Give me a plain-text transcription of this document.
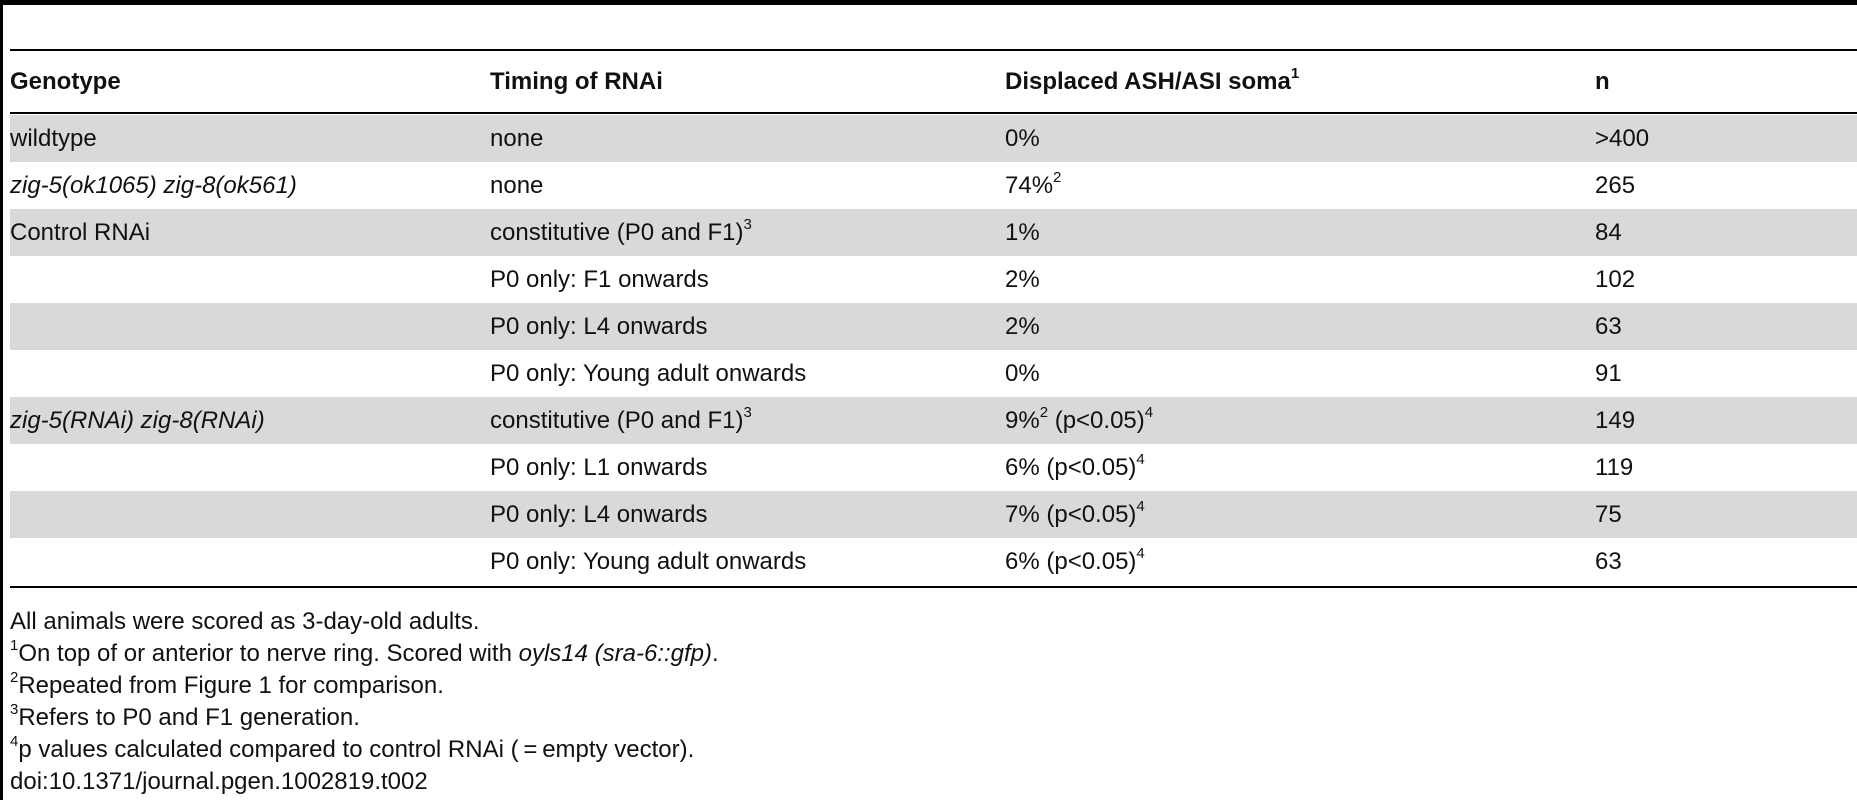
Genotype	Timing of RNAi	Displaced ASH/ASI soma$^1$	n

wildtype	none	0%	>400
zig-5(ok1065) zig-8(ok561)	none	74%$^2$	265
Control RNAi	constitutive (P0 and F1)$^3$	1%	84
	P0 only: F1 onwards	2%	102
	P0 only: L4 onwards	2%	63
	P0 only: Young adult onwards	0%	91
zig-5(RNAi) zig-8(RNAi)	constitutive (P0 and F1)$^3$	9%$^2$ (p<0.05)$^4$	149
	P0 only: L1 onwards	6% (p<0.05)$^4$	119
	P0 only: L4 onwards	7% (p<0.05)$^4$	75
	P0 only: Young adult onwards	6% (p<0.05)$^4$	63
All animals were scored as 3-day-old adults.
$^1$On top of or anterior to nerve ring. Scored with oyls14 (sra-6::gfp).
$^2$Repeated from Figure 1 for comparison.
$^3$Refers to P0 and F1 generation.
$^4$p values calculated compared to control RNAi ( = empty vector).
doi:10.1371/journal.pgen.1002819.t002
